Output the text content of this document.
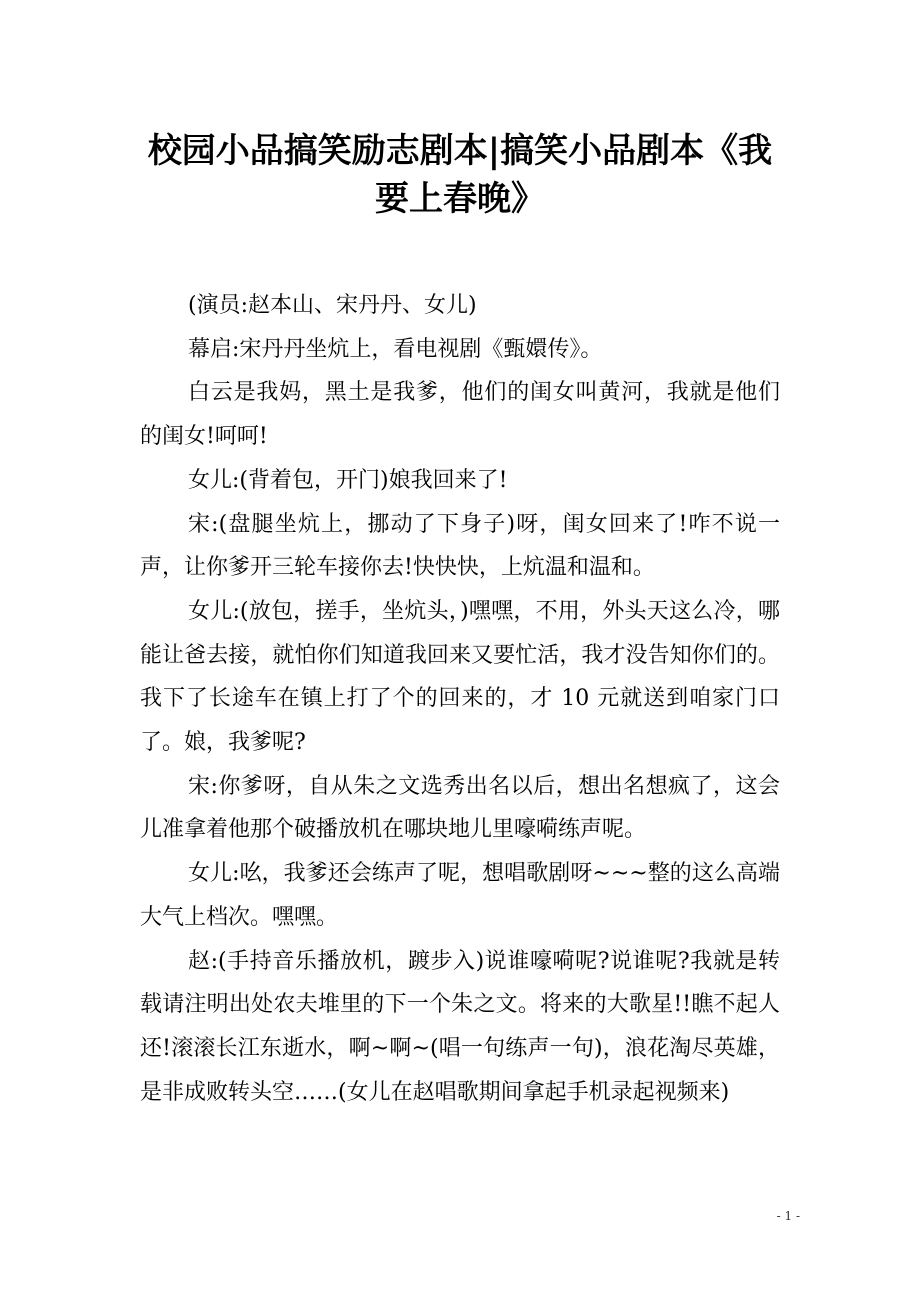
校园小品搞笑励志剧本|搞笑小品剧本《我要上春晚》

(演员:赵本山、宋丹丹、女儿)

幕启:宋丹丹坐炕上，看电视剧《甄嬛传》。

白云是我妈，黑土是我爹，他们的闺女叫黄河，我就是他们的闺女!呵呵!

女儿:(背着包，开门)娘我回来了!

宋:(盘腿坐炕上，挪动了下身子)呀，闺女回来了!咋不说一声，让你爹开三轮车接你去!快快快，上炕温和温和。

女儿:(放包，搓手，坐炕头，)嘿嘿，不用，外头天这么冷，哪能让爸去接，就怕你们知道我回来又要忙活，我才没告知你们的。我下了长途车在镇上打了个的回来的，才 10 元就送到咱家门口了。娘，我爹呢?

宋:你爹呀，自从朱之文选秀出名以后，想出名想疯了，这会儿准拿着他那个破播放机在哪块地儿里嚎嗬练声呢。

女儿:吆，我爹还会练声了呢，想唱歌剧呀~~~整的这么高端大气上档次。嘿嘿。

赵:(手持音乐播放机，踱步入)说谁嚎嗬呢?说谁呢?我就是转载请注明出处农夫堆里的下一个朱之文。将来的大歌星!!瞧不起人还!滚滚长江东逝水，啊~啊~(唱一句练声一句)，浪花淘尽英雄，是非成败转头空……(女儿在赵唱歌期间拿起手机录起视频来)

- 1 -
